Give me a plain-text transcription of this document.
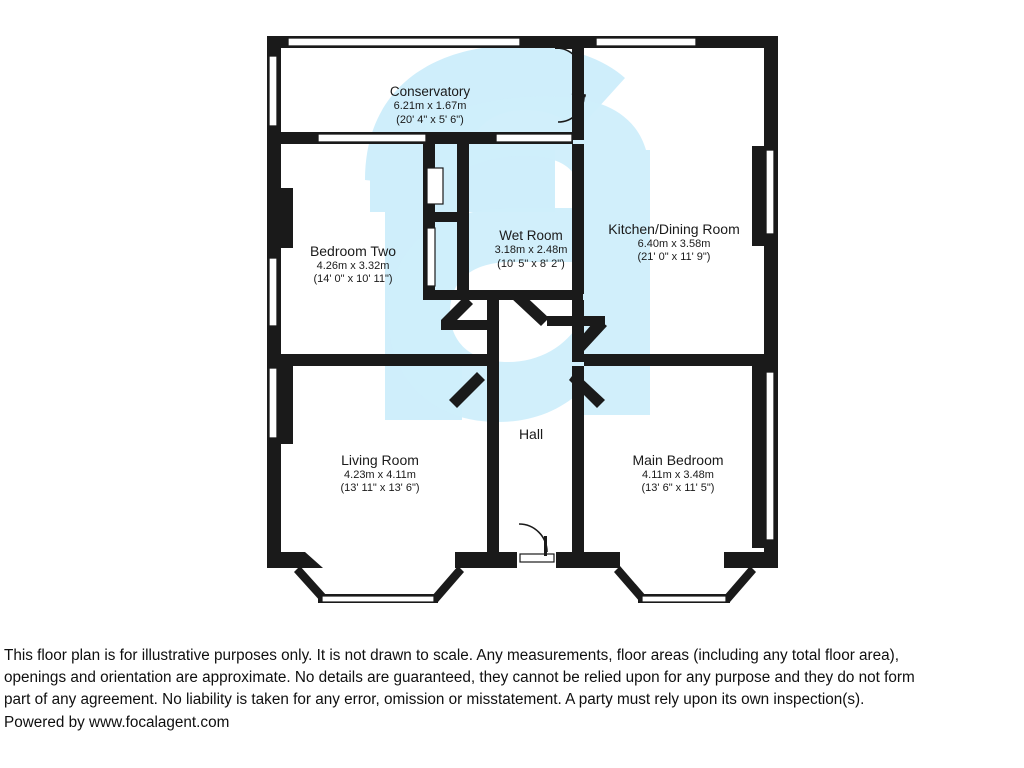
Conservatory
6.21m x 1.67m
(20' 4" x 5' 6")
Bedroom Two
4.26m x 3.32m
(14' 0" x 10' 11")
Wet Room
3.18m x 2.48m
(10' 5" x 8' 2")
Kitchen/Dining Room
6.40m x 3.58m
(21' 0" x 11' 9")
Living Room
4.23m x 4.11m
(13' 11" x 13' 6")
Main Bedroom
4.11m x 3.48m
(13' 6" x 11' 5")
Hall

This floor plan is for illustrative purposes only. It is not drawn to scale. Any measurements, floor areas (including any total floor area),

openings and orientation are approximate. No details are guaranteed, they cannot be relied upon for any purpose and they do not form

part of any agreement. No liability is taken for any error, omission or misstatement. A party must rely upon its own inspection(s).

Powered by www.focalagent.com
